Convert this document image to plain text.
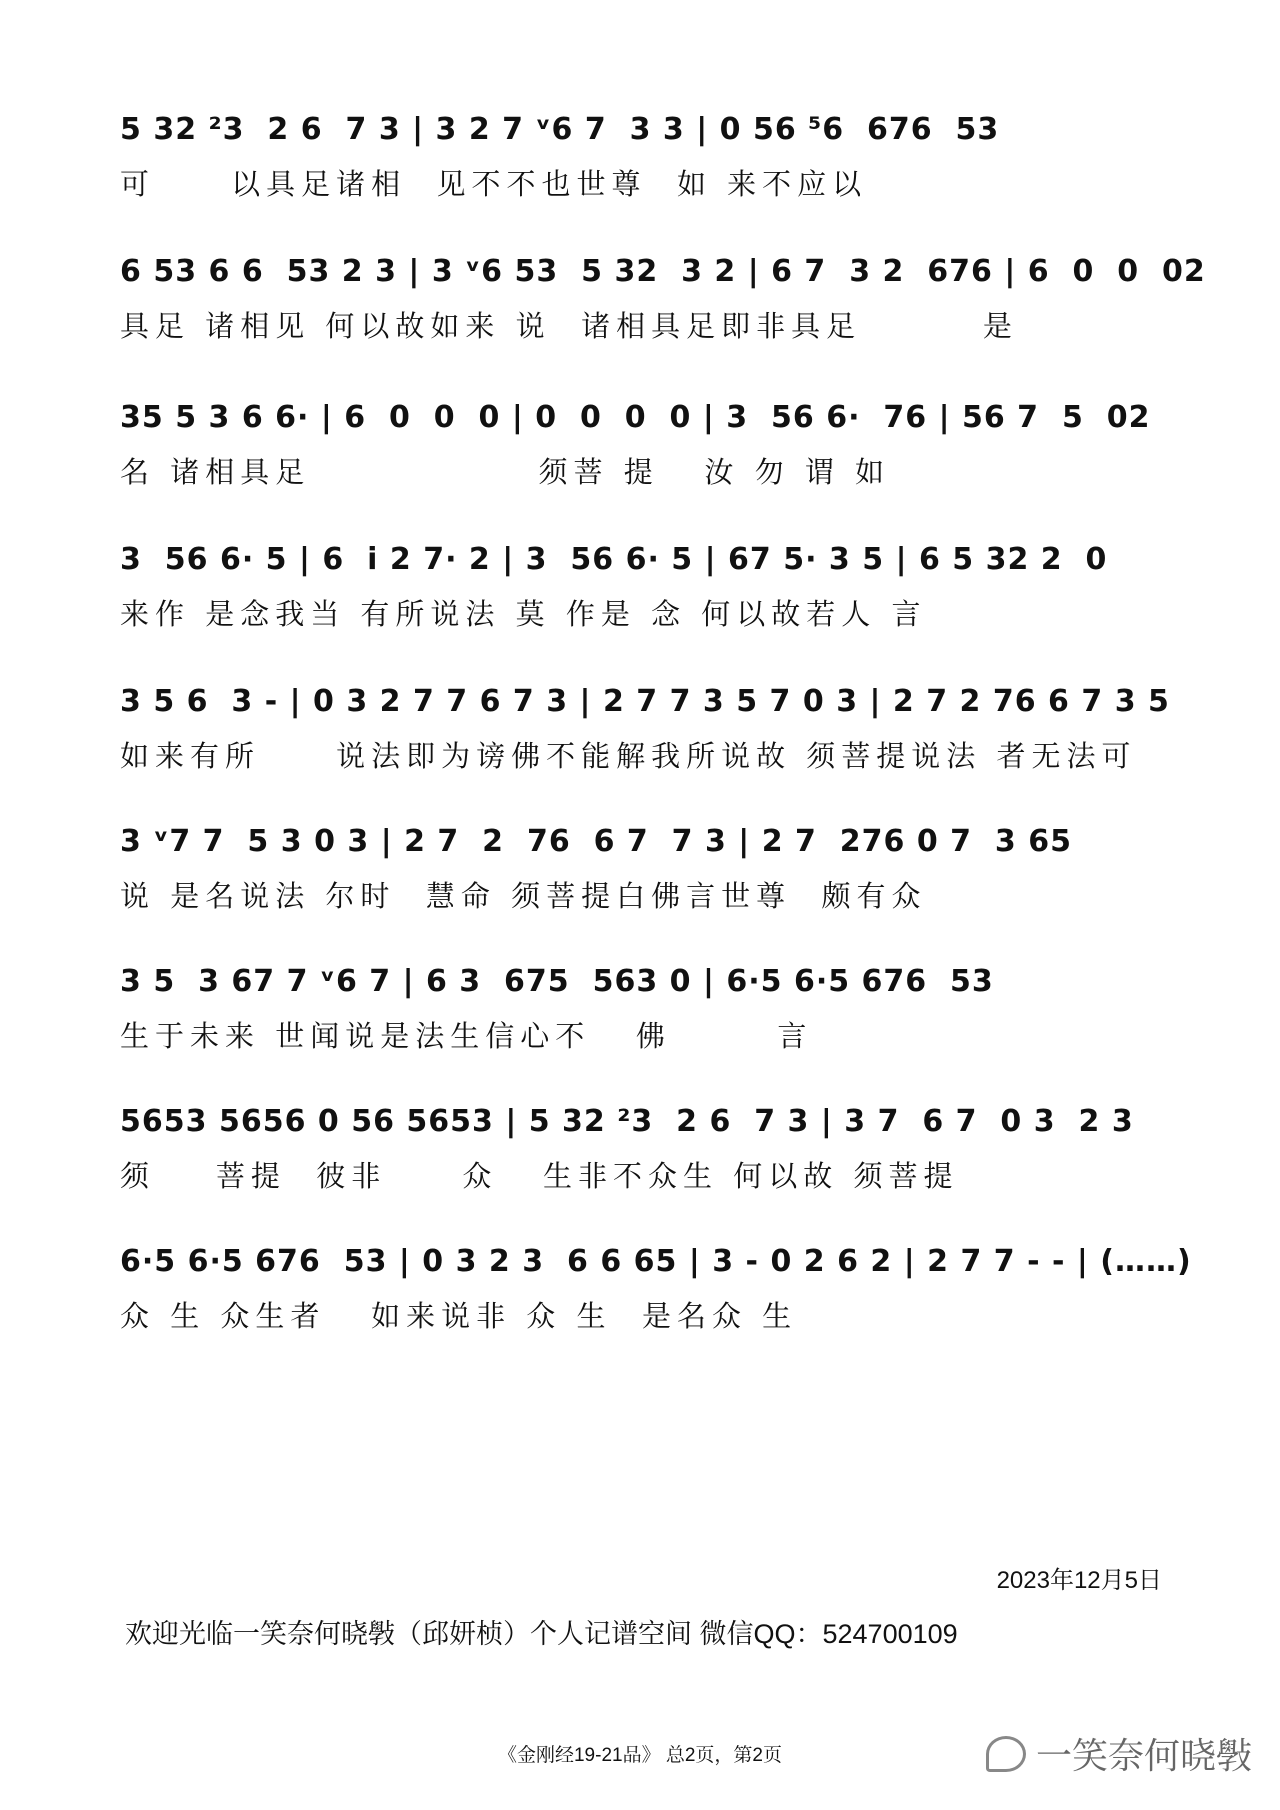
5 32 ²3  2 6  7 3 | 3 2 7 ᵛ6 7  3 3 | 0 56 ⁵6  676  53
可     以具足诸相  见不不也世尊  如 来不应以
6 53 6 6  53 2 3 | 3 ᵛ6 53  5 32  3 2 | 6 7  3 2  676 | 6  0  0  02
具足 诸相见 何以故如来 说  诸相具足即非具足        是
35 5 3 6 6· | 6  0  0  0 | 0  0  0  0 | 3  56 6·  76 | 56 7  5  02
名 诸相具足               须菩 提   汝 勿 谓 如
3  56 6· 5 | 6  i 2 7· 2 | 3  56 6· 5 | 67 5· 3 5 | 6 5 32 2  0
来作 是念我当 有所说法 莫 作是 念 何以故若人 言
3 5 6  3 - | 0 3 2 7 7 6 7 3 | 2 7 7 3 5 7 0 3 | 2 7 2 76 6 7 3 5
如来有所     说法即为谤佛不能解我所说故 须菩提说法 者无法可
3 ᵛ7 7  5 3 0 3 | 2 7  2  76  6 7  7 3 | 2 7  276 0 7  3 65
说 是名说法 尔时  慧命 须菩提白佛言世尊  颇有众
3 5  3 67 7 ᵛ6 7 | 6 3  675  563 0 | 6·5 6·5 676  53
生于未来 世闻说是法生信心不   佛       言
5653 5656 0 56 5653 | 5 32 ²3  2 6  7 3 | 3 7  6 7  0 3  2 3
须    菩提  彼非     众   生非不众生 何以故 须菩提
6·5 6·5 676  53 | 0 3 2 3  6 6 65 | 3 - 0 2 6 2 | 2 7 7 - - | (……)
众 生 众生者   如来说非 众 生  是名众 生
2023年12月5日
欢迎光临一笑奈何晓斅（邱妍桢）个人记谱空间 微信QQ：524700109
《金刚经19-21品》 总2页，第2页	一笑奈何晓斅
